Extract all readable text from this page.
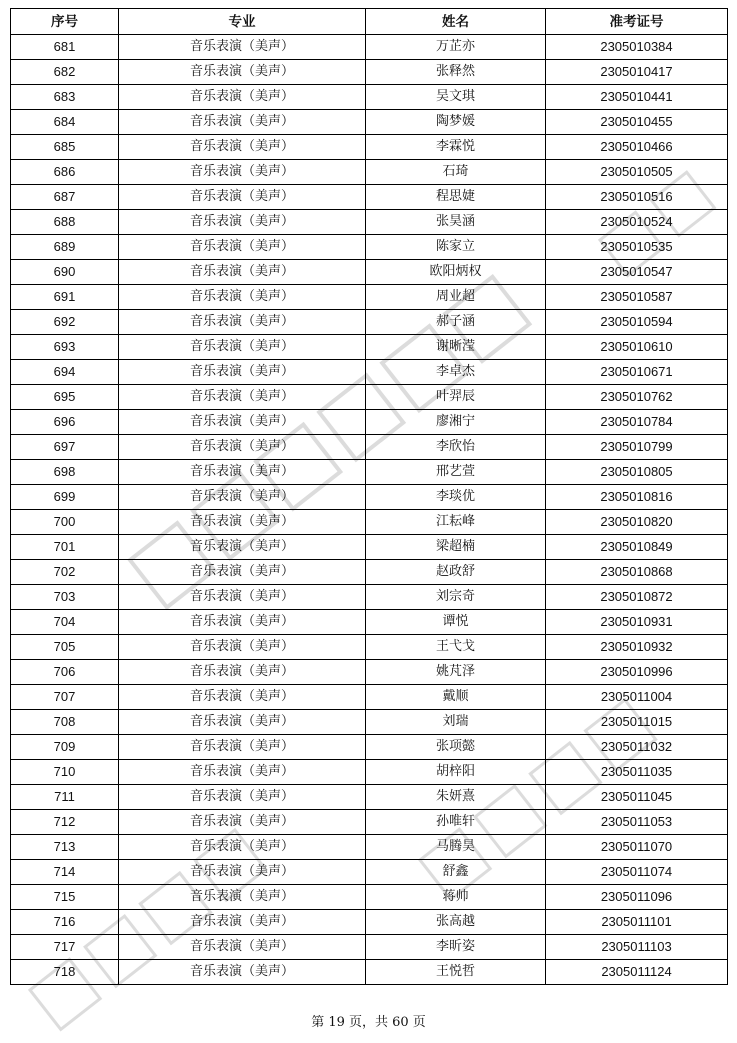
序号	专业	姓名	准考证号
681	音乐表演（美声）	万芷亦	2305010384
682	音乐表演（美声）	张释然	2305010417
683	音乐表演（美声）	吴文琪	2305010441
684	音乐表演（美声）	陶梦媛	2305010455
685	音乐表演（美声）	李霖悦	2305010466
686	音乐表演（美声）	石琦	2305010505
687	音乐表演（美声）	程思婕	2305010516
688	音乐表演（美声）	张昊涵	2305010524
689	音乐表演（美声）	陈家立	2305010535
690	音乐表演（美声）	欧阳炳权	2305010547
691	音乐表演（美声）	周业超	2305010587
692	音乐表演（美声）	郝子涵	2305010594
693	音乐表演（美声）	谢晰滢	2305010610
694	音乐表演（美声）	李卓杰	2305010671
695	音乐表演（美声）	叶羿辰	2305010762
696	音乐表演（美声）	廖湘宁	2305010784
697	音乐表演（美声）	李欣怡	2305010799
698	音乐表演（美声）	邢艺萱	2305010805
699	音乐表演（美声）	李琰优	2305010816
700	音乐表演（美声）	江耘峰	2305010820
701	音乐表演（美声）	梁超楠	2305010849
702	音乐表演（美声）	赵政舒	2305010868
703	音乐表演（美声）	刘宗奇	2305010872
704	音乐表演（美声）	谭悦	2305010931
705	音乐表演（美声）	王弋戈	2305010932
706	音乐表演（美声）	姚芃泽	2305010996
707	音乐表演（美声）	戴顺	2305011004
708	音乐表演（美声）	刘瑞	2305011015
709	音乐表演（美声）	张项懿	2305011032
710	音乐表演（美声）	胡梓阳	2305011035
711	音乐表演（美声）	朱妍熹	2305011045
712	音乐表演（美声）	孙唯轩	2305011053
713	音乐表演（美声）	马腾昊	2305011070
714	音乐表演（美声）	舒鑫	2305011074
715	音乐表演（美声）	蒋帅	2305011096
716	音乐表演（美声）	张高越	2305011101
717	音乐表演（美声）	李昕姿	2305011103
718	音乐表演（美声）	王悦哲	2305011124
第 19 页，共 60 页
